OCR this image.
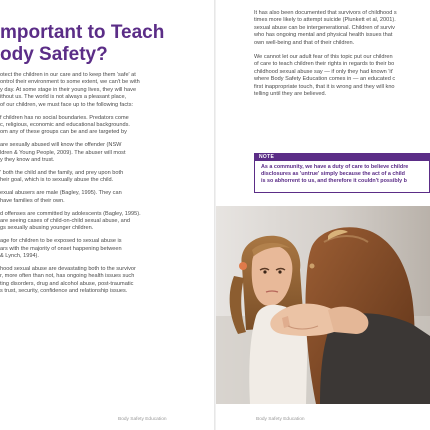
mportant to Teach
ody Safety?

otect the children in our care and to keep them 'safe' at
ontrol their environment to some extent, we can't be with
y day. At some stage in their young lives, they will have
ithout us. The world is not always a pleasant place,
of our children, we must face up to the following facts:

f children has no social boundaries. Predators come
c, religious, economic and educational backgrounds.
om any of these groups can be and are targeted by

are sexually abused will know the offender (NSW
ldren & Young People, 2009). The abuser will most
y they know and trust.

' both the child and the family, and prey upon both
heir goal, which is to sexually abuse the child.

exual abusers are male (Bagley, 1995). They can
have families of their own.

d offenses are committed by adolescents (Bagley, 1995).
are seeing cases of child-on-child sexual abuse, and
gs sexually abusing younger children.

age for children to be exposed to sexual abuse is
ars with the majority of onset happening between
& Lynch, 1994).

hood sexual abuse are devastating both to the survivor
r, more often than not, has ongoing health issues such
ting disorders, drug and alcohol abuse, post-traumatic
s trust, security, confidence and relationship issues.

Body Safety Education

It has also been documented that survivors of childhood s
times more likely to attempt suicide (Plunkett et al, 2001).
sexual abuse can be intergenerational. Children of surviv
who has ongoing mental and physical health issues that
own well-being and that of their children.

We cannot let our adult fear of this topic put our children
of care to teach children their rights in regards to their bo
childhood sexual abuse say — if only they had known 'it'
where Body Safety Education comes in — an educated c
first inappropriate touch, that it is wrong and they will kno
telling until they are believed.

NOTE
As a community, we have a duty of care to believe childre
disclosures as 'untrue' simply because the act of a child
is so abhorrent to us, and therefore it couldn't possibly b
Body Safety Education
